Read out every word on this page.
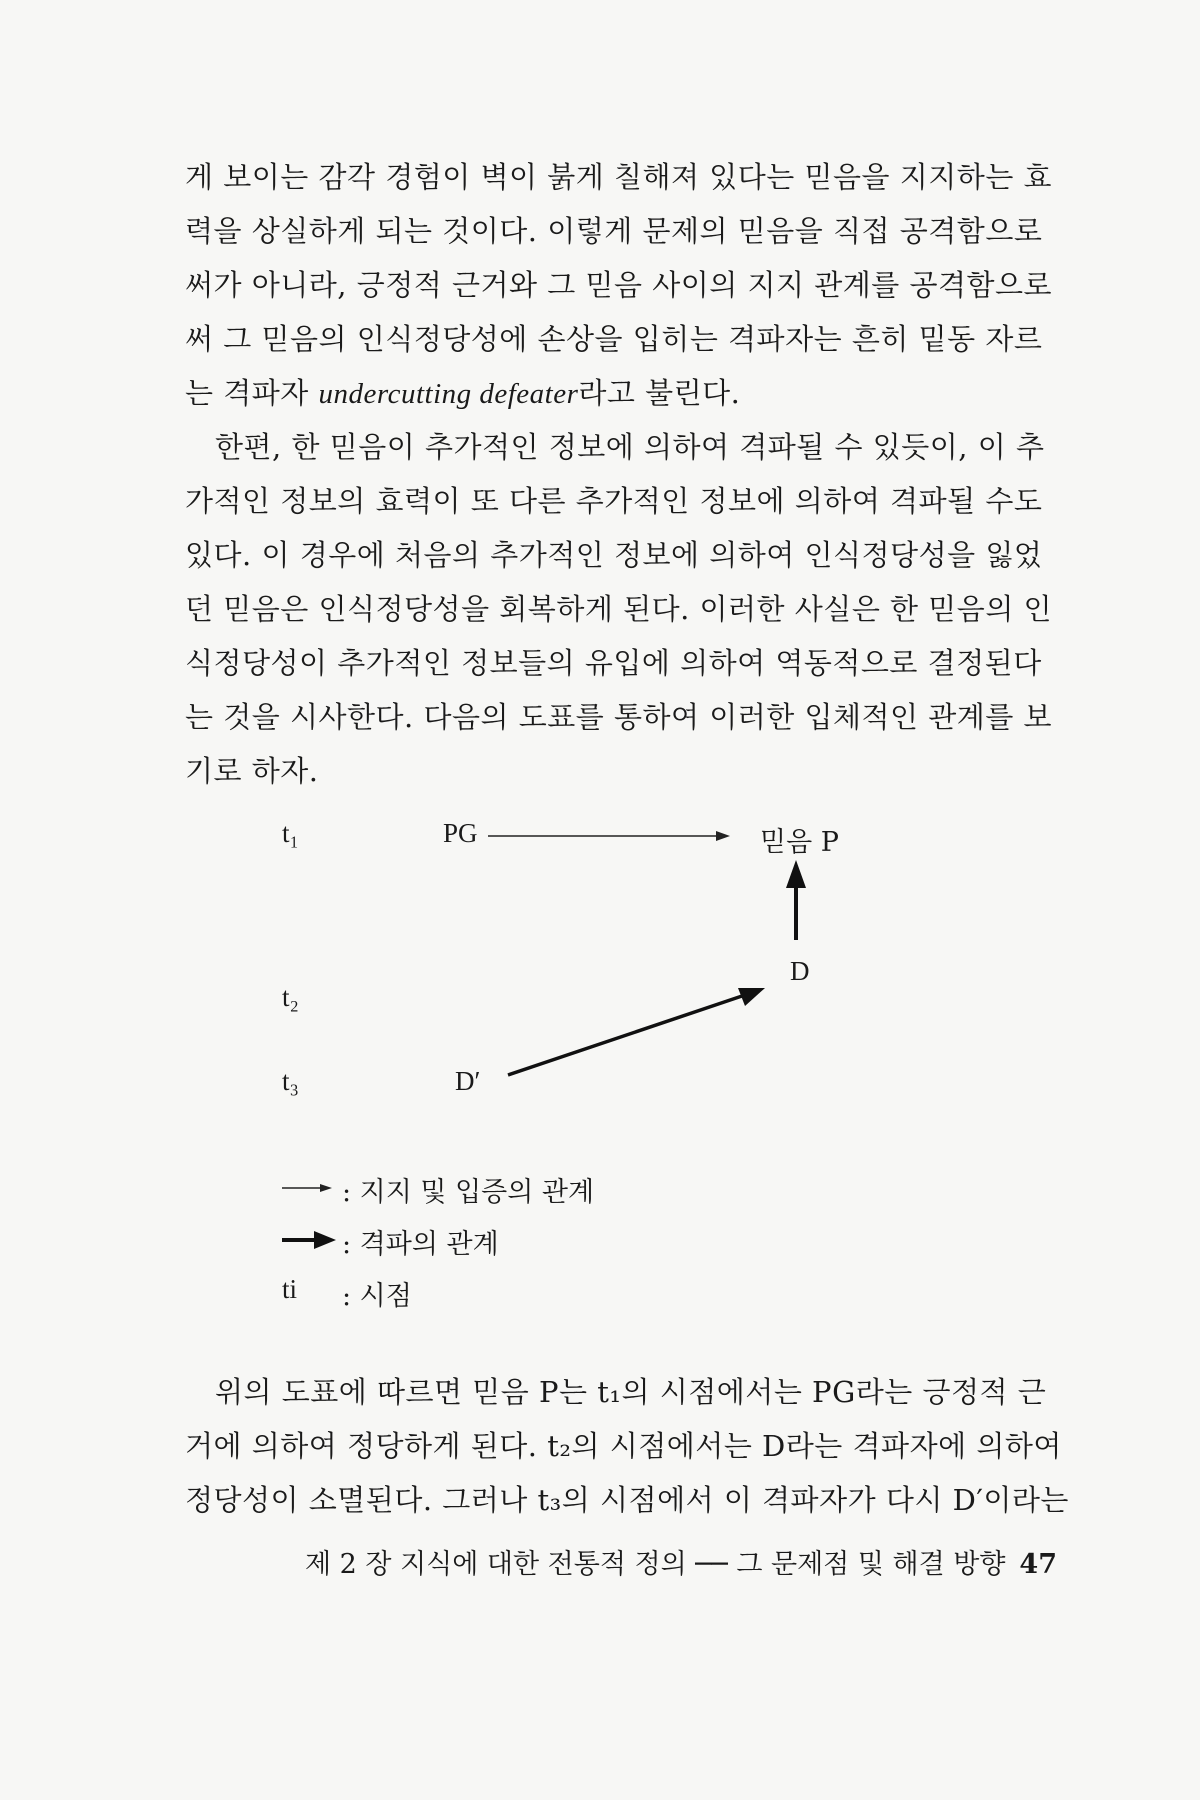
게 보이는 감각 경험이 벽이 붉게 칠해져 있다는 믿음을 지지하는 효
력을 상실하게 되는 것이다. 이렇게 문제의 믿음을 직접 공격함으로
써가 아니라, 긍정적 근거와 그 믿음 사이의 지지 관계를 공격함으로
써 그 믿음의 인식정당성에 손상을 입히는 격파자는 흔히 밑동 자르
는 격파자 undercutting defeater라고 불린다.
한편, 한 믿음이 추가적인 정보에 의하여 격파될 수 있듯이, 이 추
가적인 정보의 효력이 또 다른 추가적인 정보에 의하여 격파될 수도
있다. 이 경우에 처음의 추가적인 정보에 의하여 인식정당성을 잃었
던 믿음은 인식정당성을 회복하게 된다. 이러한 사실은 한 믿음의 인
식정당성이 추가적인 정보들의 유입에 의하여 역동적으로 결정된다
는 것을 시사한다. 다음의 도표를 통하여 이러한 입체적인 관계를 보
기로 하자.
t₁	PG	믿음 P
D
t₂
t₃	D′
: 지지 및 입증의 관계
: 격파의 관계
ti : 시점
위의 도표에 따르면 믿음 P는 t₁의 시점에서는 PG라는 긍정적 근
거에 의하여 정당하게 된다. t₂의 시점에서는 D라는 격파자에 의하여
정당성이 소멸된다. 그러나 t₃의 시점에서 이 격파자가 다시 D′이라는
제 2 장 지식에 대한 전통적 정의 ── 그 문제점 및 해결 방향 47
